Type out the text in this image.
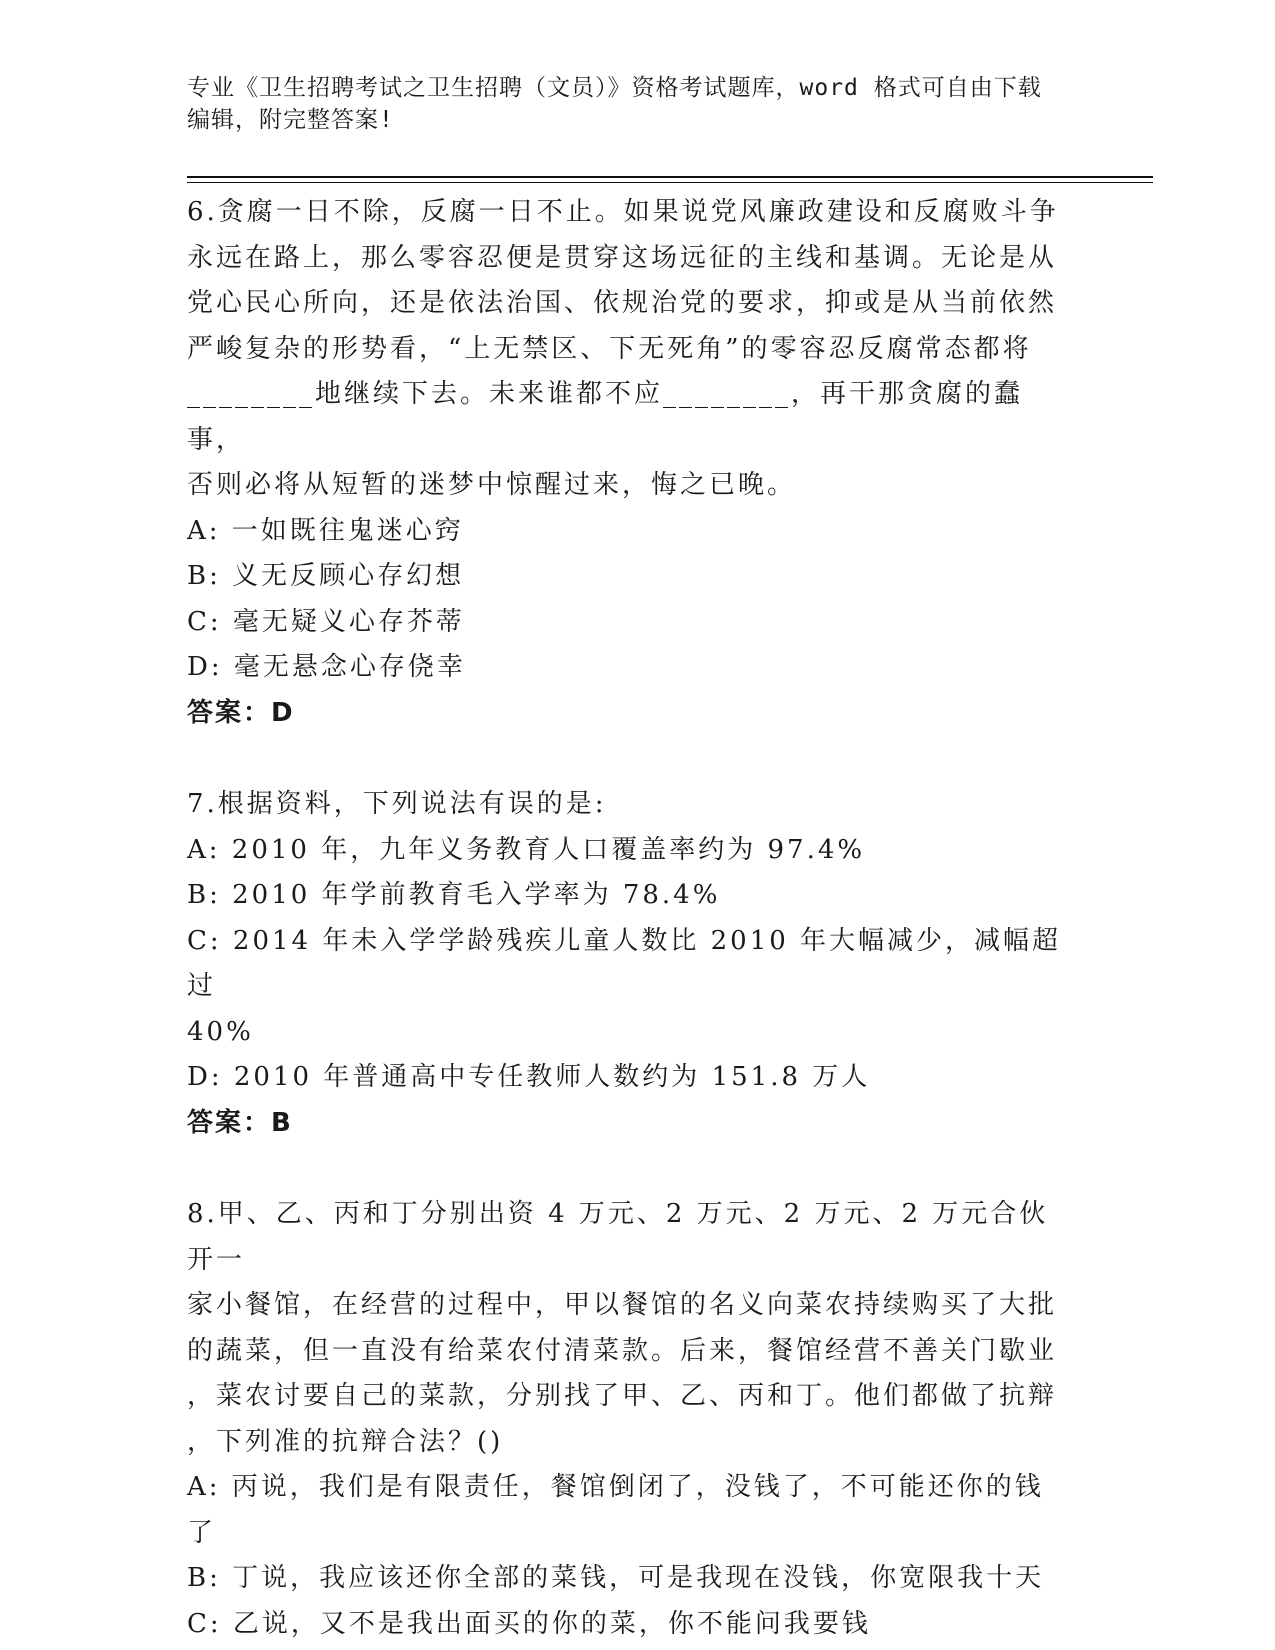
专业《卫生招聘考试之卫生招聘（文员）》资格考试题库，word 格式可自由下载
编辑，附完整答案!

6.贪腐一日不除，反腐一日不止。如果说党风廉政建设和反腐败斗争

永远在路上，那么零容忍便是贯穿这场远征的主线和基调。无论是从

党心民心所向，还是依法治国、依规治党的要求，抑或是从当前依然

严峻复杂的形势看，“上无禁区、下无死角”的零容忍反腐常态都将

________地继续下去。未来谁都不应________，再干那贪腐的蠢事，

否则必将从短暂的迷梦中惊醒过来，悔之已晚。

A: 一如既往鬼迷心窍

B: 义无反顾心存幻想

C: 毫无疑义心存芥蒂

D: 毫无悬念心存侥幸

答案：D

7.根据资料，下列说法有误的是:

A: 2010 年，九年义务教育人口覆盖率约为 97.4%

B: 2010 年学前教育毛入学率为 78.4%

C: 2014 年未入学学龄残疾儿童人数比 2010 年大幅减少，减幅超过

40%

D: 2010 年普通高中专任教师人数约为 151.8 万人

答案：B

8.甲、乙、丙和丁分别出资 4 万元、2 万元、2 万元、2 万元合伙开一

家小餐馆，在经营的过程中，甲以餐馆的名义向菜农持续购买了大批

的蔬菜，但一直没有给菜农付清菜款。后来，餐馆经营不善关门歇业

，菜农讨要自己的菜款，分别找了甲、乙、丙和丁。他们都做了抗辩

，下列准的抗辩合法？()

A: 丙说，我们是有限责任，餐馆倒闭了，没钱了，不可能还你的钱了

B: 丁说，我应该还你全部的菜钱，可是我现在没钱，你宽限我十天

C: 乙说，又不是我出面买的你的菜，你不能问我要钱
